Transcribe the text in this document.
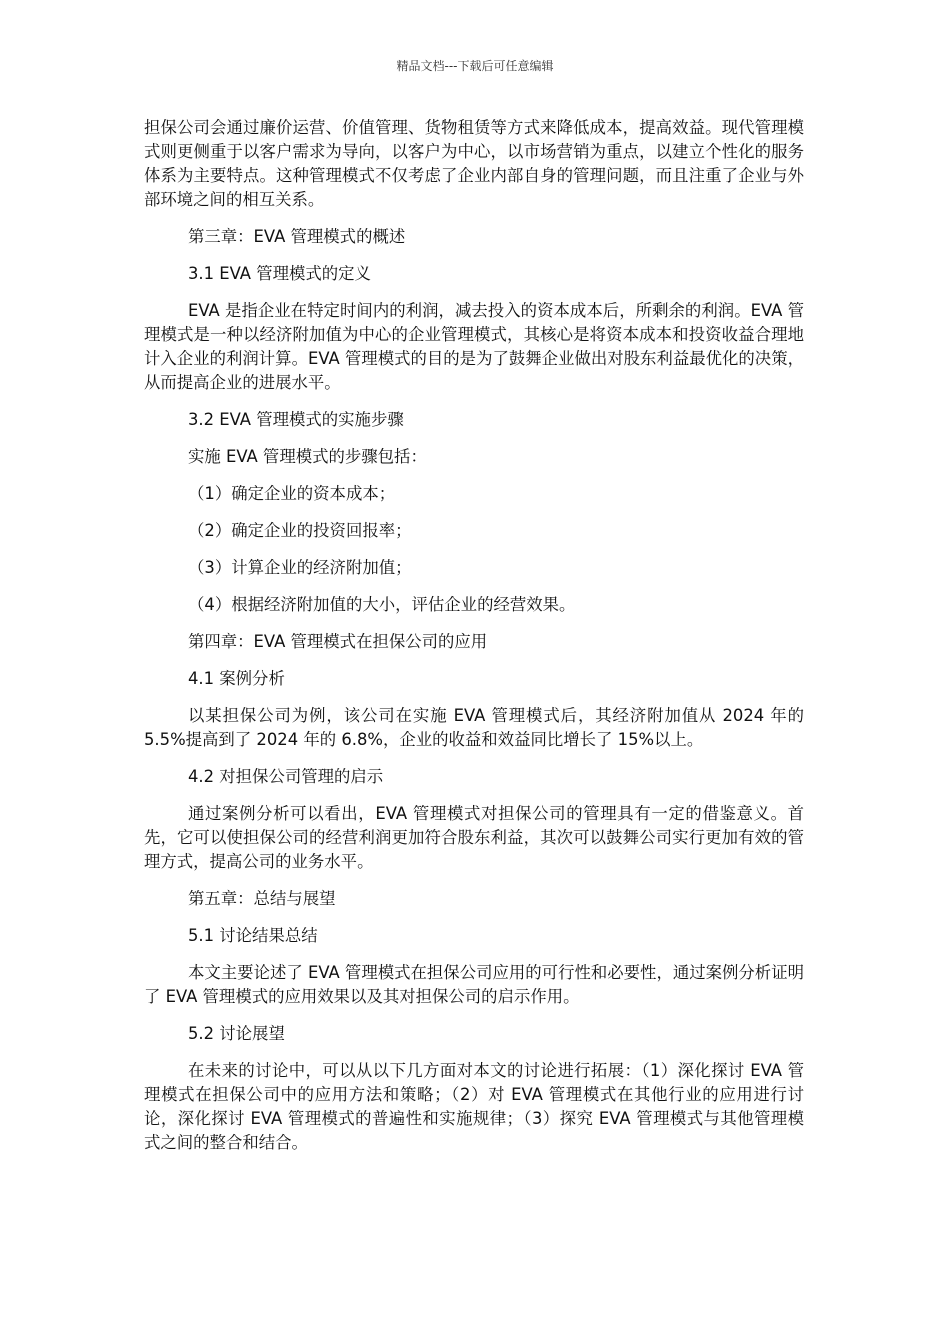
精品文档---下载后可任意编辑

担保公司会通过廉价运营、价值管理、货物租赁等方式来降低成本，提高效益。现代管理模式则更侧重于以客户需求为导向，以客户为中心，以市场营销为重点，以建立个性化的服务体系为主要特点。这种管理模式不仅考虑了企业内部自身的管理问题，而且注重了企业与外部环境之间的相互关系。

第三章：EVA 管理模式的概述

3.1 EVA 管理模式的定义

EVA 是指企业在特定时间内的利润，减去投入的资本成本后，所剩余的利润。EVA 管理模式是一种以经济附加值为中心的企业管理模式，其核心是将资本成本和投资收益合理地计入企业的利润计算。EVA 管理模式的目的是为了鼓舞企业做出对股东利益最优化的决策，从而提高企业的进展水平。

3.2 EVA 管理模式的实施步骤

实施 EVA 管理模式的步骤包括：

（1）确定企业的资本成本；

（2）确定企业的投资回报率；

（3）计算企业的经济附加值；

（4）根据经济附加值的大小，评估企业的经营效果。

第四章：EVA 管理模式在担保公司的应用

4.1 案例分析

以某担保公司为例，该公司在实施 EVA 管理模式后，其经济附加值从 2024 年的 5.5%提高到了 2024 年的 6.8%，企业的收益和效益同比增长了 15%以上。

4.2 对担保公司管理的启示

通过案例分析可以看出，EVA 管理模式对担保公司的管理具有一定的借鉴意义。首先，它可以使担保公司的经营利润更加符合股东利益，其次可以鼓舞公司实行更加有效的管理方式，提高公司的业务水平。

第五章：总结与展望

5.1 讨论结果总结

本文主要论述了 EVA 管理模式在担保公司应用的可行性和必要性，通过案例分析证明了 EVA 管理模式的应用效果以及其对担保公司的启示作用。

5.2 讨论展望

在未来的讨论中，可以从以下几方面对本文的讨论进行拓展：（1）深化探讨 EVA 管理模式在担保公司中的应用方法和策略；（2）对 EVA 管理模式在其他行业的应用进行讨论，深化探讨 EVA 管理模式的普遍性和实施规律；（3）探究 EVA 管理模式与其他管理模式之间的整合和结合。
